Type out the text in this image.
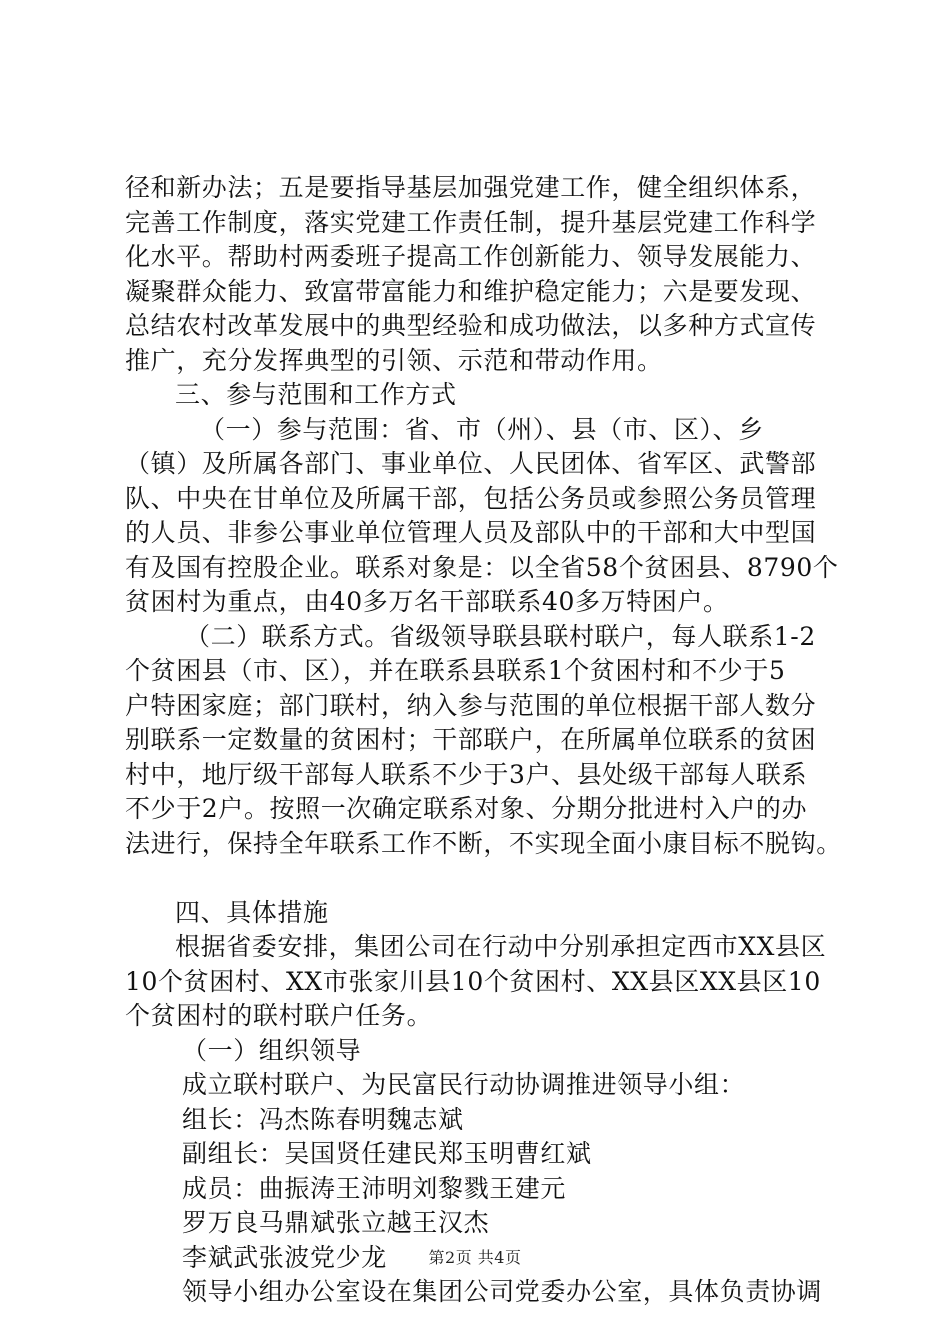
径和新办法；五是要指导基层加强党建工作，健全组织体系，
完善工作制度，落实党建工作责任制，提升基层党建工作科学
化水平。帮助村两委班子提高工作创新能力、领导发展能力、
凝聚群众能力、致富带富能力和维护稳定能力；六是要发现、
总结农村改革发展中的典型经验和成功做法，以多种方式宣传
推广，充分发挥典型的引领、示范和带动作用。
三、参与范围和工作方式
（一）参与范围：省、市（州）、县（市、区）、乡
（镇）及所属各部门、事业单位、人民团体、省军区、武警部
队、中央在甘单位及所属干部，包括公务员或参照公务员管理
的人员、非参公事业单位管理人员及部队中的干部和大中型国
有及国有控股企业。联系对象是：以全省58个贫困县、8790个
贫困村为重点，由40多万名干部联系40多万特困户。
（二）联系方式。省级领导联县联村联户，每人联系1-2
个贫困县（市、区），并在联系县联系1个贫困村和不少于5
户特困家庭；部门联村，纳入参与范围的单位根据干部人数分
别联系一定数量的贫困村；干部联户，在所属单位联系的贫困
村中，地厅级干部每人联系不少于3户、县处级干部每人联系
不少于2户。按照一次确定联系对象、分期分批进村入户的办
法进行，保持全年联系工作不断，不实现全面小康目标不脱钩。
四、具体措施
根据省委安排，集团公司在行动中分别承担定西市XX县区
10个贫困村、XX市张家川县10个贫困村、XX县区XX县区10
个贫困村的联村联户任务。
（一）组织领导
成立联村联户、为民富民行动协调推进领导小组：
组长：冯杰陈春明魏志斌
副组长：吴国贤任建民郑玉明曹红斌
成员：曲振涛王沛明刘黎戮王建元
罗万良马鼎斌张立越王汉杰
李斌武张波党少龙
领导小组办公室设在集团公司党委办公室，具体负责协调
第2页 共4页
